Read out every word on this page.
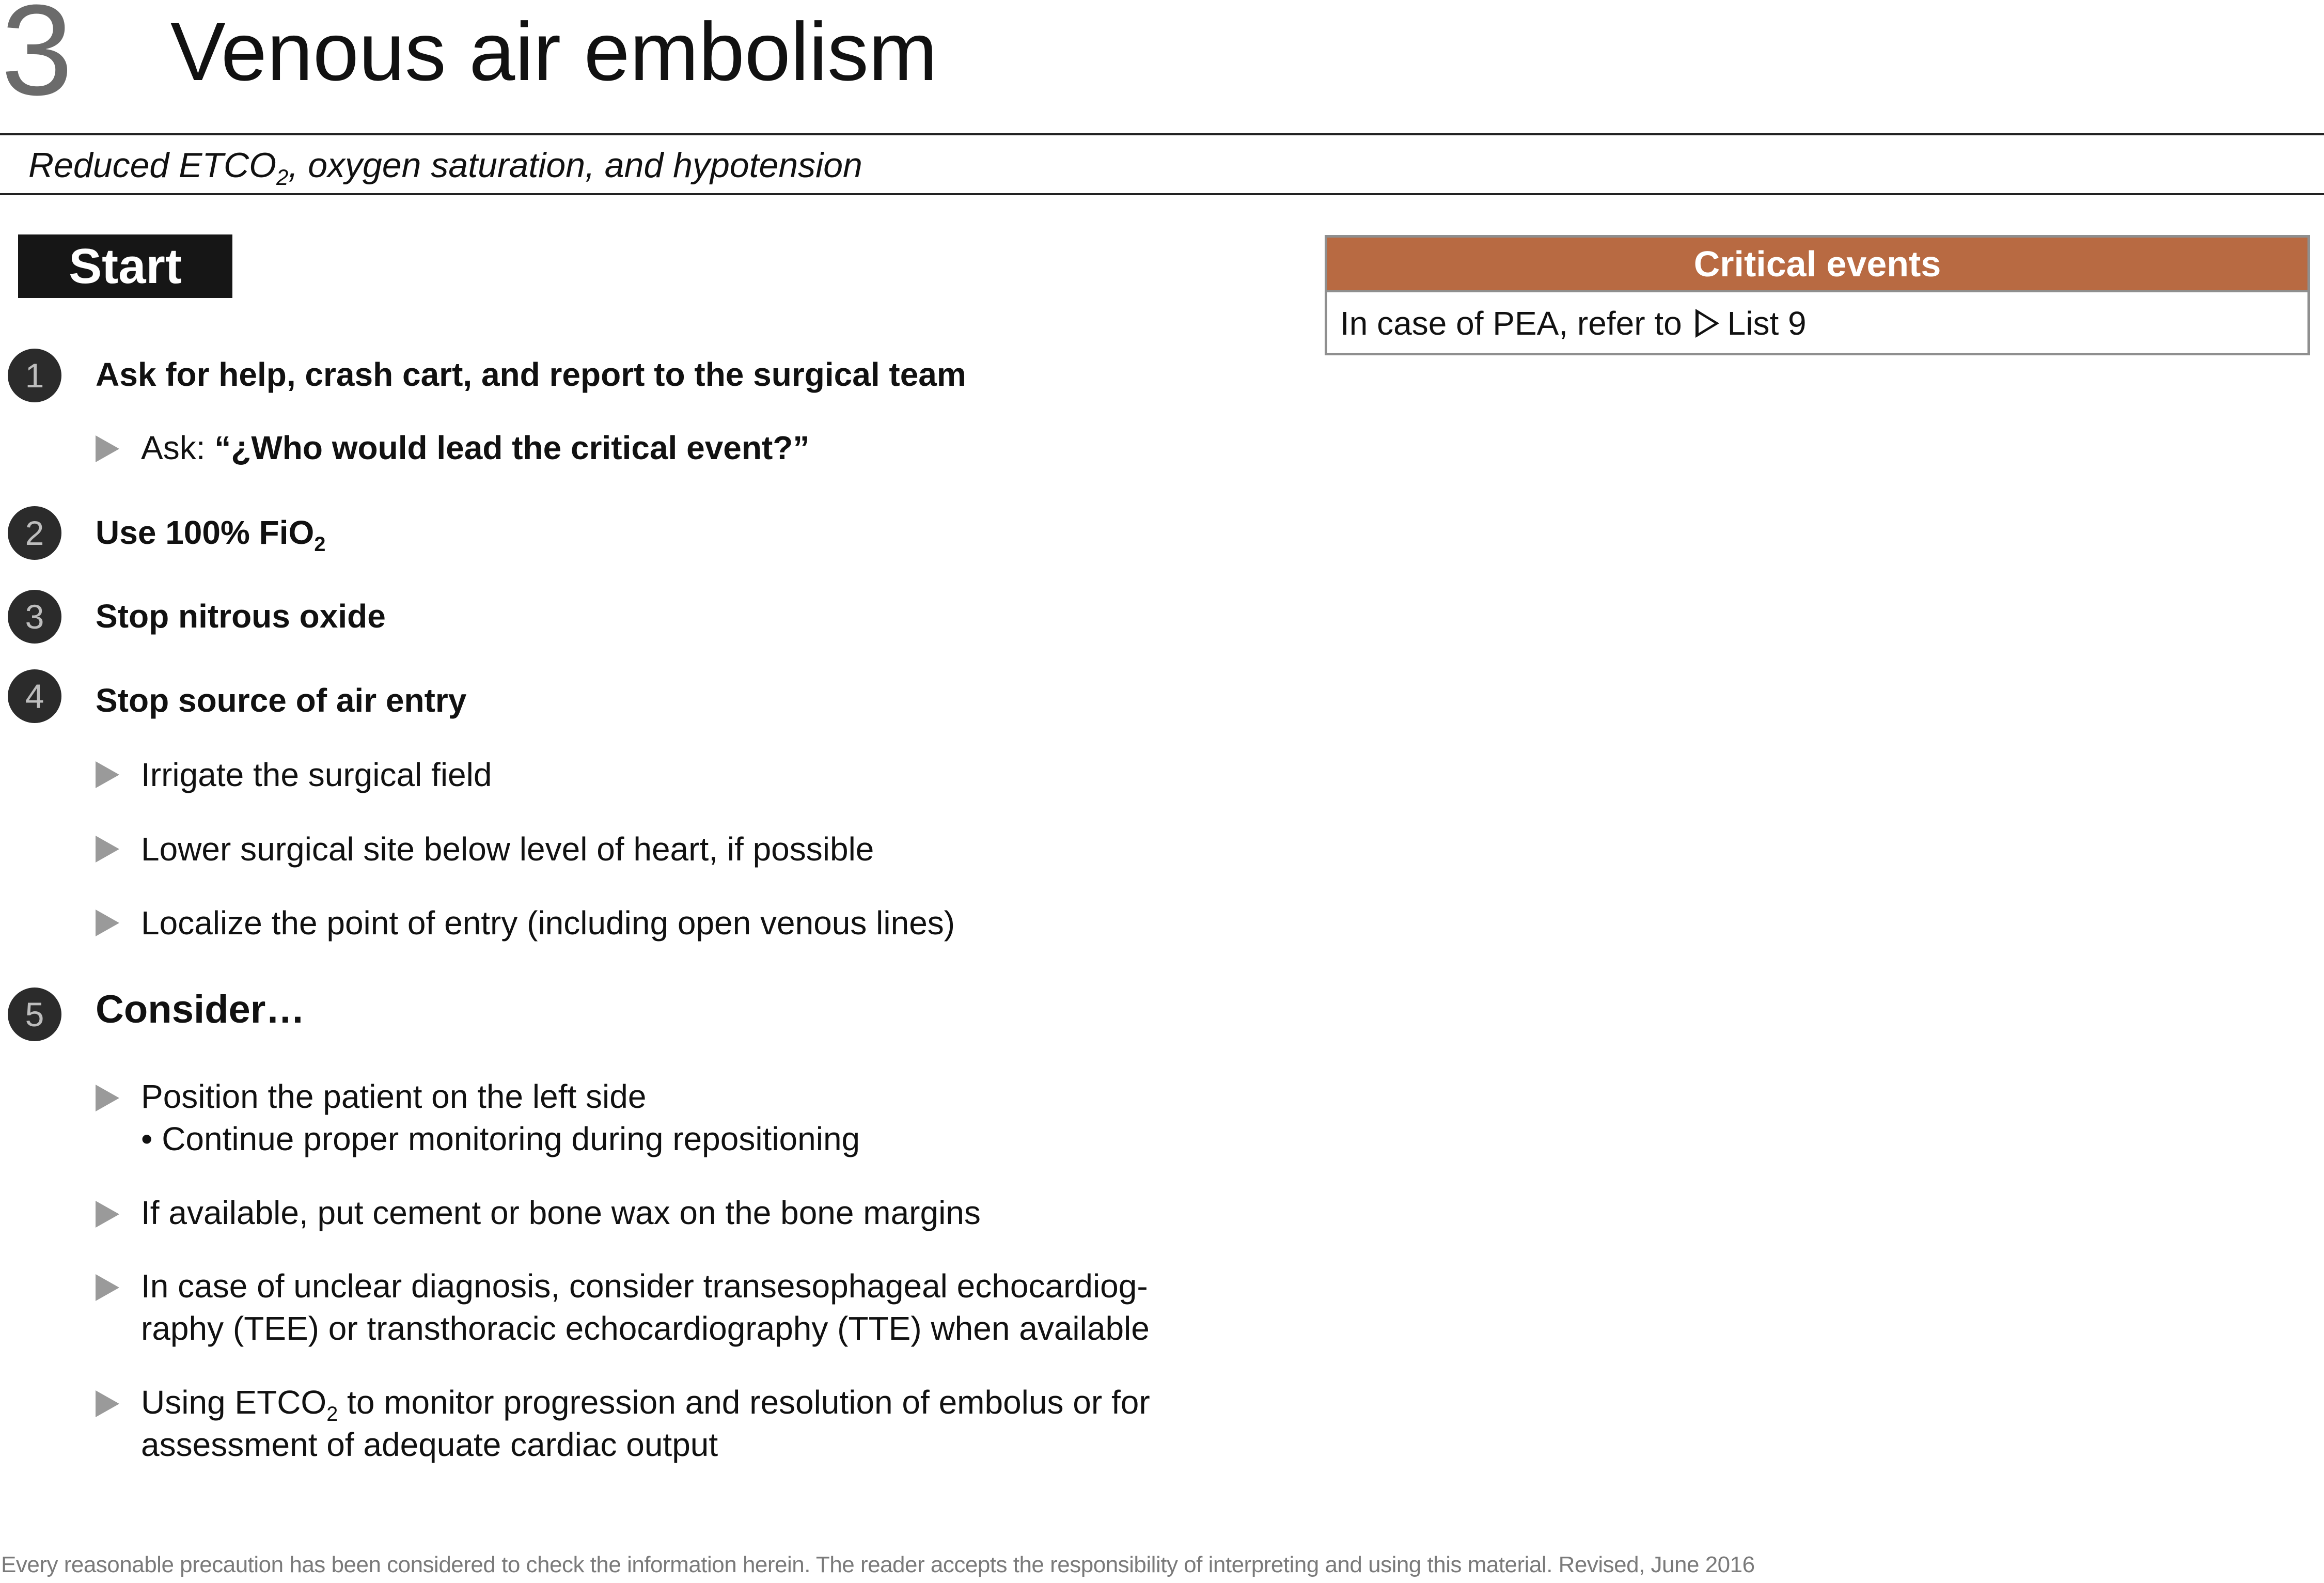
3 Venous air embolism
Reduced $ETCO_2$, oxygen saturation, and hypotension
Start
1	Ask for help, crash cart, and report to the surgical team
Ask: “¿Who would lead the critical event?”
2	Use 100% FiO$_2$
3	Stop nitrous oxide
4	Stop source of air entry
Irrigate the surgical field
Lower surgical site below level of heart, if possible
Localize the point of entry (including open venous lines)
5	Consider…
Position the patient on the left side
• Continue proper monitoring during repositioning
If available, put cement or bone wax on the bone margins
In case of unclear diagnosis, consider transesophageal echocardiog-
raphy (TEE) or transthoracic echocardiography (TTE) when available
Using $ETCO_2$ to monitor progression and resolution of embolus or for
assessment of adequate cardiac output
Critical events
In case of PEA, refer to List 9
Every reasonable precaution has been considered to check the information herein. The reader accepts the responsibility of interpreting and using this material. Revised, June 2016
